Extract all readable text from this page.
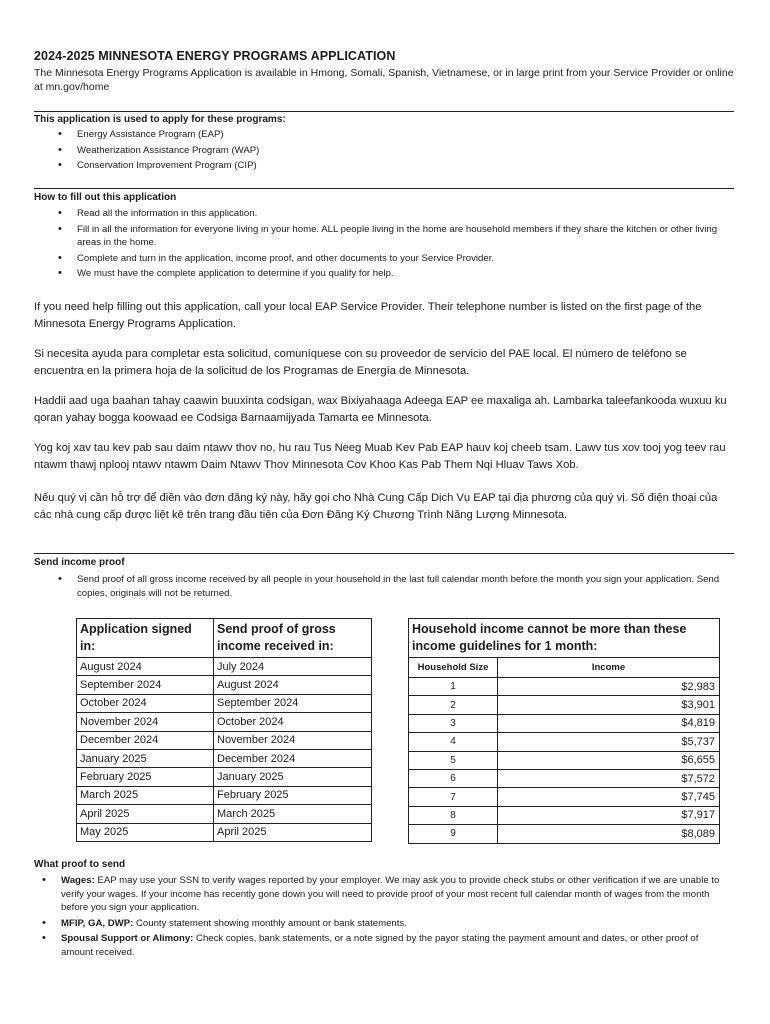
2024-2025 MINNESOTA ENERGY PROGRAMS APPLICATION
The Minnesota Energy Programs Application is available in Hmong, Somali, Spanish, Vietnamese, or in large print from your Service Provider or online at mn.gov/home
This application is used to apply for these programs:
• Energy Assistance Program (EAP)
• Weatherization Assistance Program (WAP)
• Conservation Improvement Program (CIP)
How to fill out this application
• Read all the information in this application.
• Fill in all the information for everyone living in your home. ALL people living in the home are household members if they share the kitchen or other living areas in the home.
• Complete and turn in the application, income proof, and other documents to your Service Provider.
• We must have the complete application to determine if you qualify for help.
If you need help filling out this application, call your local EAP Service Provider. Their telephone number is listed on the first page of the Minnesota Energy Programs Application.
Si necesita ayuda para completar esta solicitud, comuníquese con su proveedor de servicio del PAE local. El número de teléfono se encuentra en la primera hoja de la solicitud de los Programas de Energía de Minnesota.
Haddii aad uga baahan tahay caawin buuxinta codsigan, wax Bixiyahaaga Adeega EAP ee maxaliga ah. Lambarka taleefankooda wuxuu ku qoran yahay bogga koowaad ee Codsiga Barnaamijyada Tamarta ee Minnesota.
Yog koj xav tau kev pab sau daim ntawv thov no, hu rau Tus Neeg Muab Kev Pab EAP hauv koj cheeb tsam. Lawv tus xov tooj yog teev rau ntawm thawj nplooj ntawv ntawm Daim Ntawv Thov Minnesota Cov Khoo Kas Pab Them Nqi Hluav Taws Xob.
Nếu quý vị cần hỗ trợ để điền vào đơn đăng ký này, hãy gọi cho Nhà Cung Cấp Dịch Vụ EAP tại địa phương của quý vị. Số điện thoại của các nhà cung cấp được liệt kê trên trang đầu tiên của Đơn Đăng Ký Chương Trình Năng Lượng Minnesota.
Send income proof
• Send proof of all gross income received by all people in your household in the last full calendar month before the month you sign your application. Send copies, originals will not be returned.
Application signed in:	Send proof of gross income received in:
August 2024	July 2024
September 2024	August 2024
October 2024	September 2024
November 2024	October 2024
December 2024	November 2024
January 2025	December 2024
February 2025	January 2025
March 2025	February 2025
April 2025	March 2025
May 2025	April 2025
Household income cannot be more than these income guidelines for 1 month:	
Household Size	Income
1	$2,983
2	$3,901
3	$4,819
4	$5,737
5	$6,655
6	$7,572
7	$7,745
8	$7,917
9	$8,089
What proof to send
• Wages: EAP may use your SSN to verify wages reported by your employer. We may ask you to provide check stubs or other verification if we are unable to verify your wages. If your income has recently gone down you will need to provide proof of your most recent full calendar month of wages from the month before you sign your application.
• MFIP, GA, DWP: County statement showing monthly amount or bank statements.
• Spousal Support or Alimony: Check copies, bank statements, or a note signed by the payor stating the payment amount and dates, or other proof of amount received.
